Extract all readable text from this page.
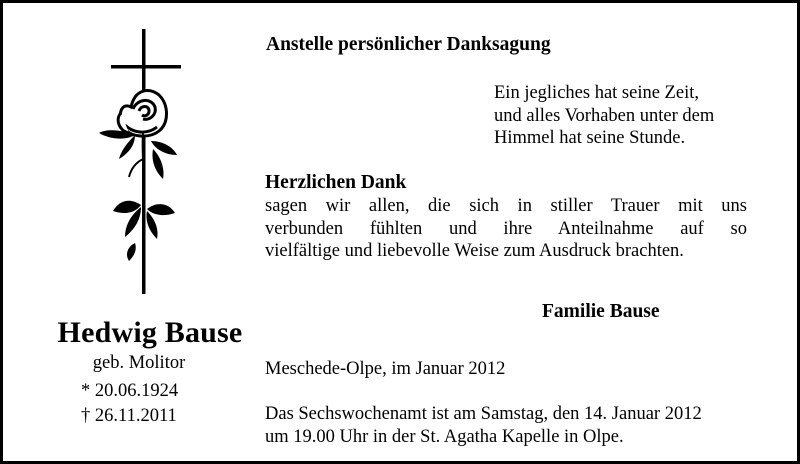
Hedwig Bause
geb. Molitor
* 20.06.1924
† 26.11.2011
Anstelle persönlicher Danksagung
Ein jegliches hat seine Zeit,
und alles Vorhaben unter dem
Himmel hat seine Stunde.
Herzlichen Dank
sagen wir allen, die sich in stiller Trauer mit uns
verbunden fühlten und ihre Anteilnahme auf so
vielfältige und liebevolle Weise zum Ausdruck brachten.
Familie Bause
Meschede-Olpe, im Januar 2012
Das Sechswochenamt ist am Samstag, den 14. Januar 2012
um 19.00 Uhr in der St. Agatha Kapelle in Olpe.
